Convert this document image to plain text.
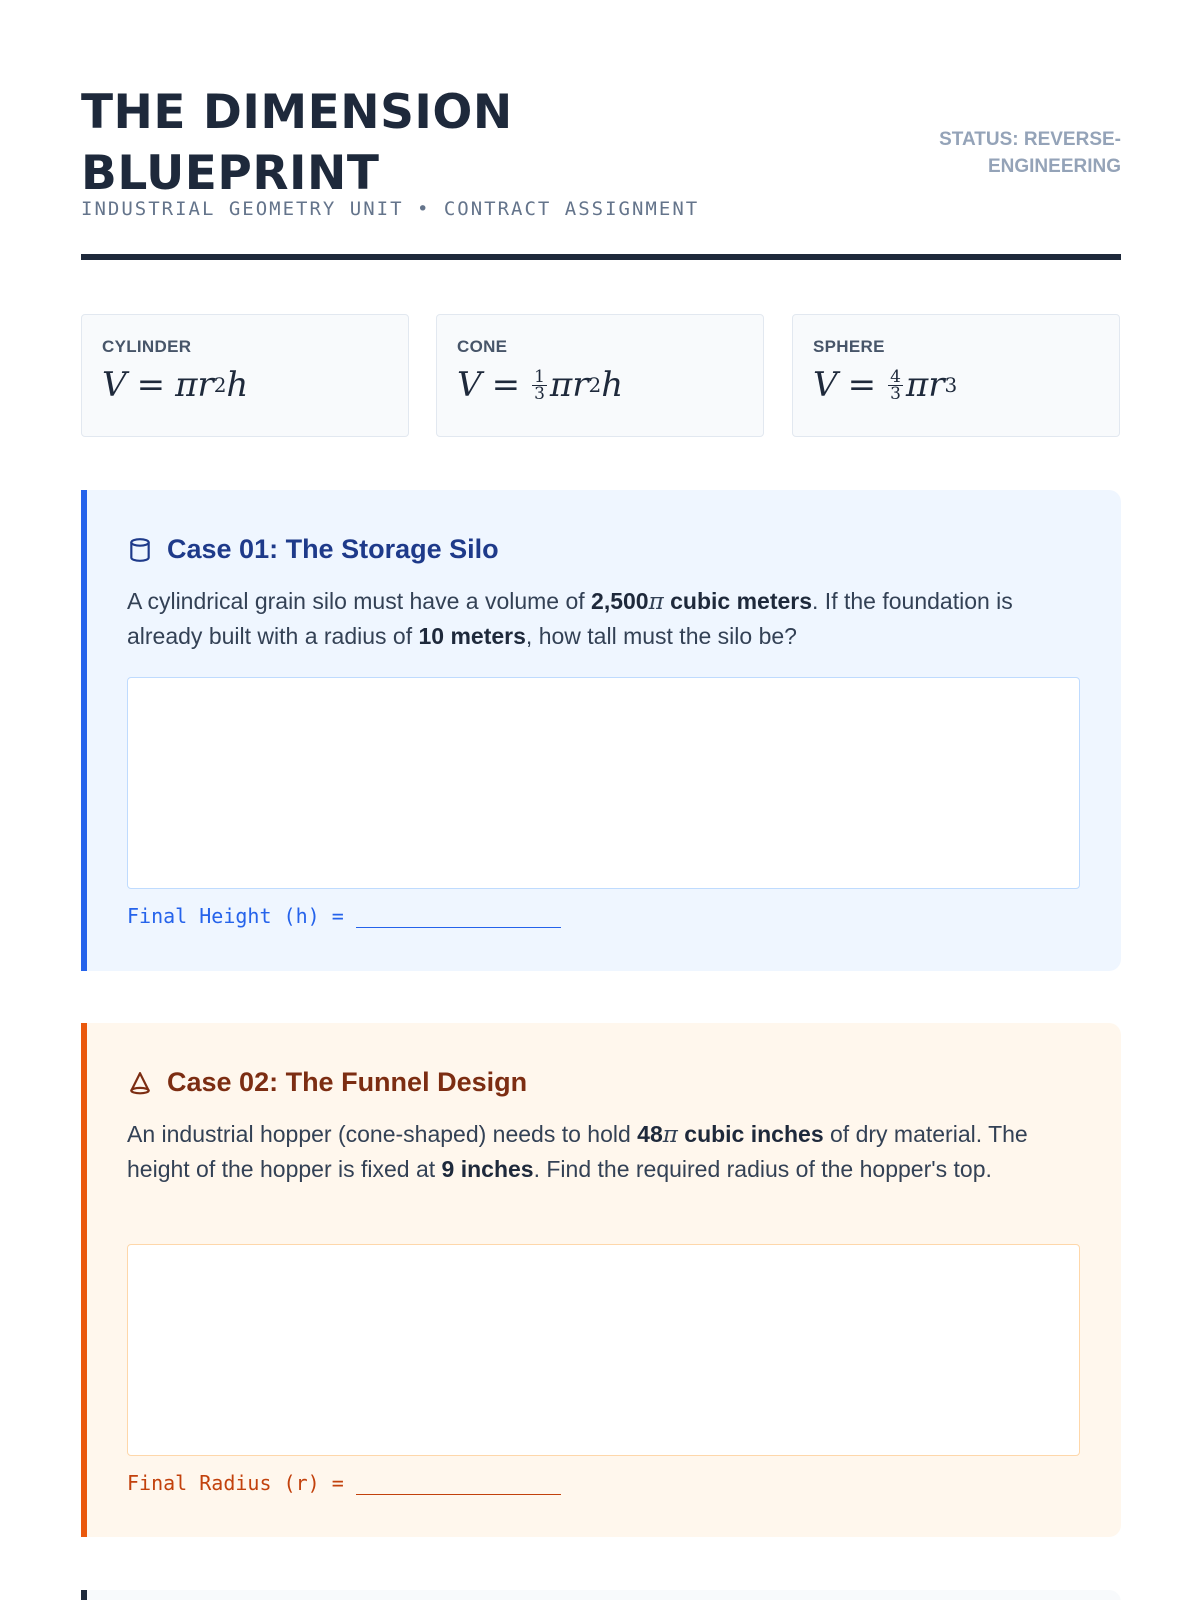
THE DIMENSION BLUEPRINT
INDUSTRIAL GEOMETRY UNIT • CONTRACT ASSIGNMENT
STATUS: REVERSE-ENGINEERING
CYLINDER
V = π r 2 h
CONE
$V = \frac{1}{3}$ π r 2 h
SPHERE
$V = \frac{4}{3}$ π r 3
Case 01: The Storage Silo
A cylindrical grain silo must have a volume of 2,500π cubic meters. If the foundation is already built with a radius of 10 meters, how tall must the silo be?
Final Height (h) =
Case 02: The Funnel Design
An industrial hopper (cone-shaped) needs to hold 48π cubic inches of dry material. The height of the hopper is fixed at 9 inches. Find the required radius of the hopper's top.
Final Radius (r) =
